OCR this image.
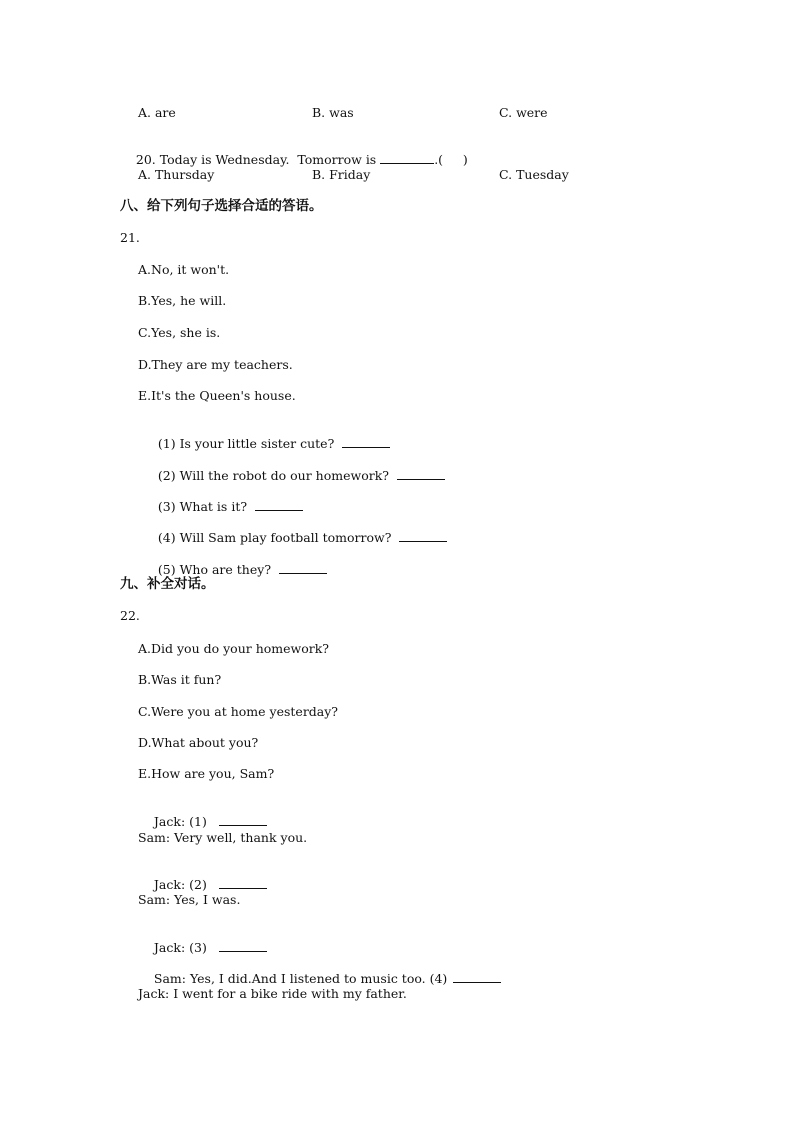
A. are	B. was	C. were

20. Today is Wednesday.  Tomorrow is	.(     )

A. Thursday	B. Friday	C. Tuesday
八、给下列句子选择合适的答语。
21.
A.No, it won't.
B.Yes, he will.
C.Yes, she is.
D.They are my teachers.
E.It's the Queen's house.

(1) Is your little sister cute?

(2) Will the robot do our homework?

(3) What is it?

(4) Will Sam play football tomorrow?

(5) Who are they?

九、补全对话。
22.
A.Did you do your homework?
B.Was it fun?
C.Were you at home yesterday?
D.What about you?
E.How are you, Sam?

Jack: (1)

Sam: Very well, thank you.

Jack: (2)

Sam: Yes, I was.

Jack: (3)

Sam: Yes, I did.And I listened to music too. (4)

Jack: I went for a bike ride with my father.
